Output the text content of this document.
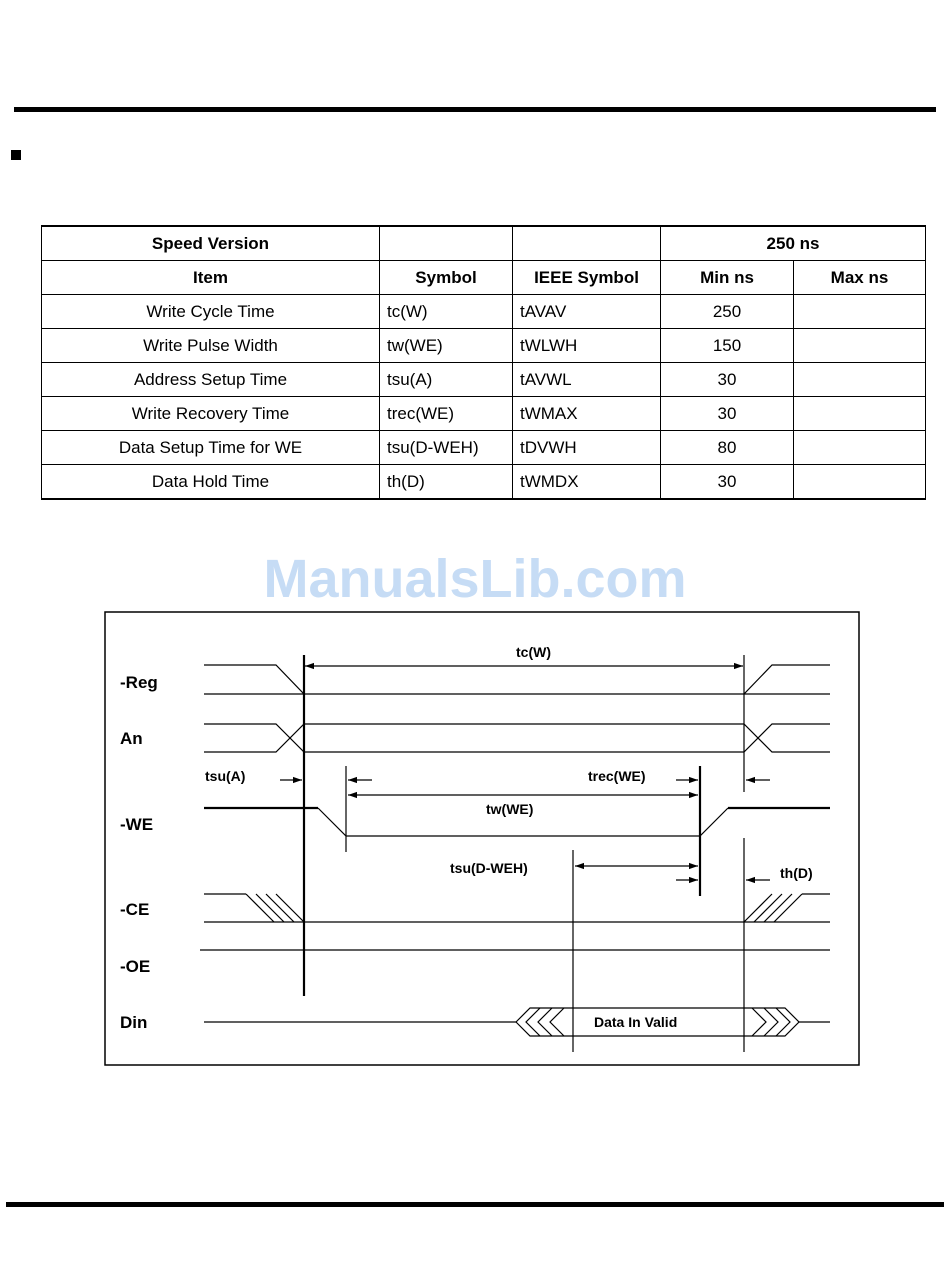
Speed Version			250 ns	
Item	Symbol	IEEE Symbol	Min ns	Max ns
Write Cycle Time	tc(W)	tAVAV	250	
Write Pulse Width	tw(WE)	tWLWH	150	
Address Setup Time	tsu(A)	tAVWL	30	
Write Recovery Time	trec(WE)	tWMAX	30	
Data Setup Time for WE	tsu(D-WEH)	tDVWH	80	
Data Hold Time	th(D)	tWMDX	30	
ManualsLib.com
-Reg
An
-WE
-CE
-OE
Din	Data In Valid
tc(W)
tsu(A)	trec(WE)
tw(WE)
tsu(D-WEH)	th(D)
